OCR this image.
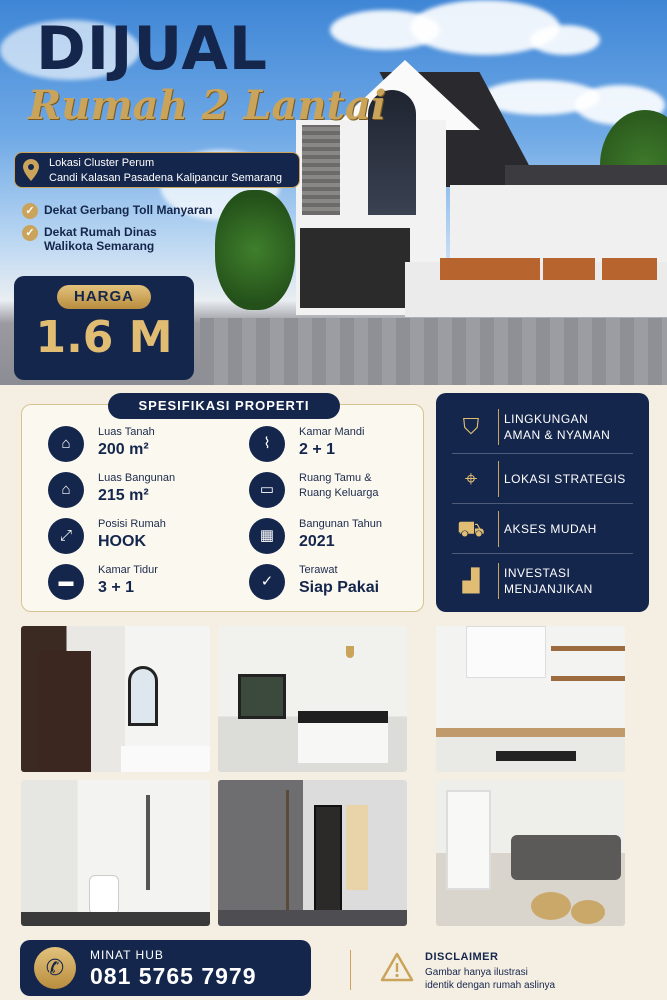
DIJUAL
Rumah 2 Lantai
Lokasi Cluster Perum
Candi Kalasan Pasadena Kalipancur Semarang
✓ Dekat Gerbang Toll Manyaran
✓ Dekat Rumah Dinas
Walikota Semarang
HARGA
1.6 M
SPESIFIKASI PROPERTI
⌂
Luas Tanah
200 m²
⌂
Luas Bangunan
215 m²
⤢
Posisi Rumah
HOOK
▬
Kamar Tidur
3 + 1
⌇
Kamar Mandi
2 + 1
▭
Ruang Tamu &
Ruang Keluarga
▦
Bangunan Tahun
2021
✓
Terawat
Siap Pakai
⛉	LINGKUNGAN
AMAN & NYAMAN
⌖	LOKASI STRATEGIS
⛟ AKSES MUDAH
▟	INVESTASI
MENJANJIKAN
✆	MINAT HUB
081 5765 7979
DISCLAIMER
Gambar hanya ilustrasi
identik dengan rumah aslinya
